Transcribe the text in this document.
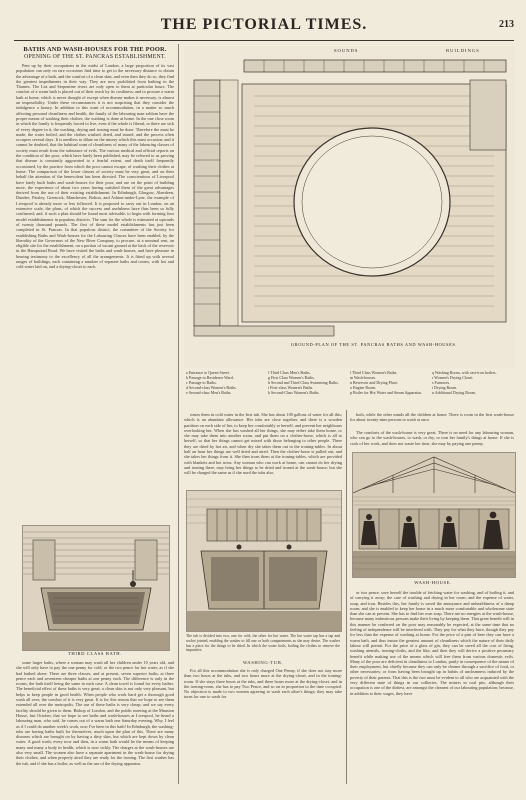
THE PICTORIAL TIMES.	213
BATHS AND WASH-HOUSES FOR THE POOR.
OPENING OF THE ST. PANCRAS ESTABLISHMENT.

Pent up by their occupations in the midst of London, a large proportion of its vast population can only on rare occasions find time to get to the necessary distance to obtain the advantage of a bath, and the comfort of a clean skin; and even then they do so, they find the greatest impediments in their way. They are now prohibited from bathing in the Thames. The Lea and Serpentine rivers are only open to them at particular hours. The comfort of a warm bath is placed out of their reach by its costliness; and to procure a warm bath at home, which is never thought of except when disease makes it necessary, is almost an impossibility. Under these circumstances it is not surprising that they consider the indulgence a luxury. In addition to this want of accommodation, in a matter so much affecting personal cleanliness and health, the family of the labouring man seldom have the proper means of washing their clothes; the washing is done at home. In the one close room in which the family is frequently forced to live, even if the whole is liberal, or there are sick of every degree in it, the washing, drying and ironing must be done. Therefore the must be made, the water boiled, and the clothes washed, dried, and ironed, and the process often occupies several days. It is needless to dilate on the misery which this must occasion; and it cannot be doubted, that the habitual want of cleanliness of many of the labouring classes of society must result from the substance of evils. The various medical and official reports on the condition of the poor, which have lately been published, may be referred to as proving that disease is constantly aggravated to a fearful extent, and death itself frequently occasioned, by the practice from which the poor cannot escape, of washing their clothes at home. The comparison of the lower classes of society must be very great, and on their behalf the attention of the benevolent has been directed. The conscientious of Liverpool have lately built baths and wash-houses for their poor, and are on the point of building more, the experience of about two years having satisfied them of the great advantages derived from the use of their existing establishment. In Edinburgh, Glasgow, Aberdeen, Dundee, Paisley, Greenock, Manchester, Bolton, and Ashton-under-Lyne, the example of Liverpool is already more or less followed. It is proposed to carry out in London, on an extensive scale, the plans, of which the success and usefulness have thus been so fully confirmed; and, if such a plan should be found most advisable, to begin with forming four model establishments in populous districts. The sum for the whole is estimated at upwards of twenty thousand pounds. The first of these model establishments has just been completed in St. Pancras. In that populous district, the committee of the Society for establishing Baths and Wash-houses for the Labouring Classes have been enabled, by the liberality of the Governors of the New River Company, to procure, at a nominal rent, an eligible site for the establishment, on a portion of vacant ground at the back of the reservoir in the Hampstead Road. We have visited the baths and wash-houses, and have pleasure in bearing testimony to the excellency of all the arrangements. It is fitted up with several ranges of buildings, each containing a number of separate baths and rooms, with hot and cold water laid on, and a drying-closet to each.

THIRD CLASS BATH.

some larger baths, where a woman may wash all her children under 10 years old, and she will only have to pay the one penny for cold, or the two pence for hot water, as if she had bathed alone. There are three classes, and at present, seven superior baths, at three pence each and seventeen cheaper baths at one penny each. The difference is only in the rooms, the bath itself being the same in each case. A clean towel is found for every bather. The beneficial effect of these baths is very great; a clean skin is not only very pleasant, but helps to keep people in good health. When people who work hard get a thorough good wash all over, the comfort of it is very great. It is for this reason that we hope to see them extended all over the metropolis. The use of these baths is very cheap; and we say every facility should be given to them. Bishop of London, and the public meeting at the Mansion House, last October, that we hope to see baths and wash-houses at Liverpool, he heard a labouring man, who said, he comes out of a warm bath one Saturday evening, Why, I feel as if I could do another week's work, now I've been in this bath! In Edinburgh, the washing-tubs are having baths built for themselves, much upon the plan of this. There are many diseases which are brought on by having a dirty skin, but which are kept down by clean water. A good wash, every now and then, in a warm bath would be the means of keeping many and many a body in health, which is now sickly. The charges at the wash-houses are also very small. The women also have a separate apartment in the wash-house for drying their clothes; and when properly aired they are ready for the ironing. The first washer has the tub, and if she has a boiler, as well as the use of the drying apparatus.

SOUNDS	BUILDINGS
GROUND-PLAN OF THE ST. PANCRAS BATHS AND WASH-HOUSES.
a Entrance to Queen Street.
b Passage to Residence Ward.
c Passage to Baths.
d Second-class Women's Baths.
e Second-class Men's Baths.
f Third Class Men's Baths.
g First Class Women's Baths.
h Second and Third Class Swimming Baths.
i First-class Women's Baths.
k Second-Class Women's Baths.
l Third Class Women's Baths.
m Wash-houses.
n Reservoir and Drying Place.
o Engine Room.
p Boiler for Hot Water and Steam Apparatus.
q Washing Room, with cast-iron boilers.
r Women's Drying Closet.
s Furnaces.
t Drying Room.
u Additional Drying Room.

rinses them in cold water in the first tub. She has about 100 gallons of water for all this; which is an abundant allowance. Her tubs are close together, and there is a wooden partition on each side of her, to keep her comfortably to herself, and prevent her neighbours overlooking her. When she has washed all her things, she may either take them home, or she may take them into another room, and put them on a clothes-horse, which is all to herself, so that her things cannot get mixed with those belonging to other people. There they are dried by hot air, and when dry she takes them out to the ironing-tables. In about half an hour her things are well dried and aired. Then the clothes-horse is pulled out, and she takes her things from it. She then irons them at the ironing-tables, which are provided with blankets and hot irons. Any woman who can work at home, can cannot do her drying and ironing there, may bring her things to be dried and ironed at the wash-house; but she will be charged the same as if she used the tubs also.

The tub is divided into two, one for cold, the other for hot water. The hot water tap has a tap and socket jointed, enabling the washer to fill one or both compartments as she may desire. The washer has a place for the things to be dried. In which the water boils, boiling the clothes to remove the impurities.
WASHING-TUB.

For all this accommodation she is only charged One Penny, if she does not stay more than two hours at the tubs, and two hours more at the drying-closet, and in the ironing-room. If she stays three hours at the tubs, and three hours more at the drying-closet, and in the ironing-room, she has to pay Two Pence, and so on in proportion to the time occupied. No objection is made to two women agreeing to wash each other's things; they may take turns for one to wash for

both, while the other minds all the children at home. There is room in the first wash-house for about twenty-nine persons to wash at once.

The comforts of the wash-house is very great. There is no need for any labouring woman, who can go to the wash-houses, to wash, or dry, or iron her family's things at home. If she is cook of her work, and does not waste her time, she may by paying one penny,

WASH-HOUSE.

or two pence, save herself the trouble of fetching water for washing, and of boiling it, and of carrying it away; the care of washing and drying in her room; and the expense of water, soap, and iron. Besides this, her family is saved the annoyance and unhealthiness of a damp room; and she is enabled to keep her home in a much more comfortable and wholesome state than she can at present. She has to find her own soap. There are no energies at the wash-house, because many industrious persons make their living by keeping them. That great benefit will in this manner be conferred on the poor may reasonably be expected, at the same time that no feeling of independence will be interfered with. They pay for what they have, though they pay for less than the expense of washing at home. For the price of a pint of beer they can have a warm bath, and thus insure the greatest amount of cleanliness which the nature of their daily labour will permit. For the price of a glass of gin, they can be saved all the cost of firing, washing utensils, ironing-cloths, and the like; and then they will derive a positive pecuniary benefit while making use of the means which will free them from various domestic evils. Many of the poor are deficient in cleanliness to London, partly in consequence of the nature of their employment, but chiefly because they can only be cleaner through a sacrifice of food, or other necessaries; or from having been brought up in habits of uncleanness induced by the poverty of their parents. That this is the fact must be evident to all who are acquainted with the very different state of things in our collieries. The miners in coal pits, although their occupation is one of the dirtiest, are amongst the cleanest of our labouring population; because, in addition to their wages, they have
